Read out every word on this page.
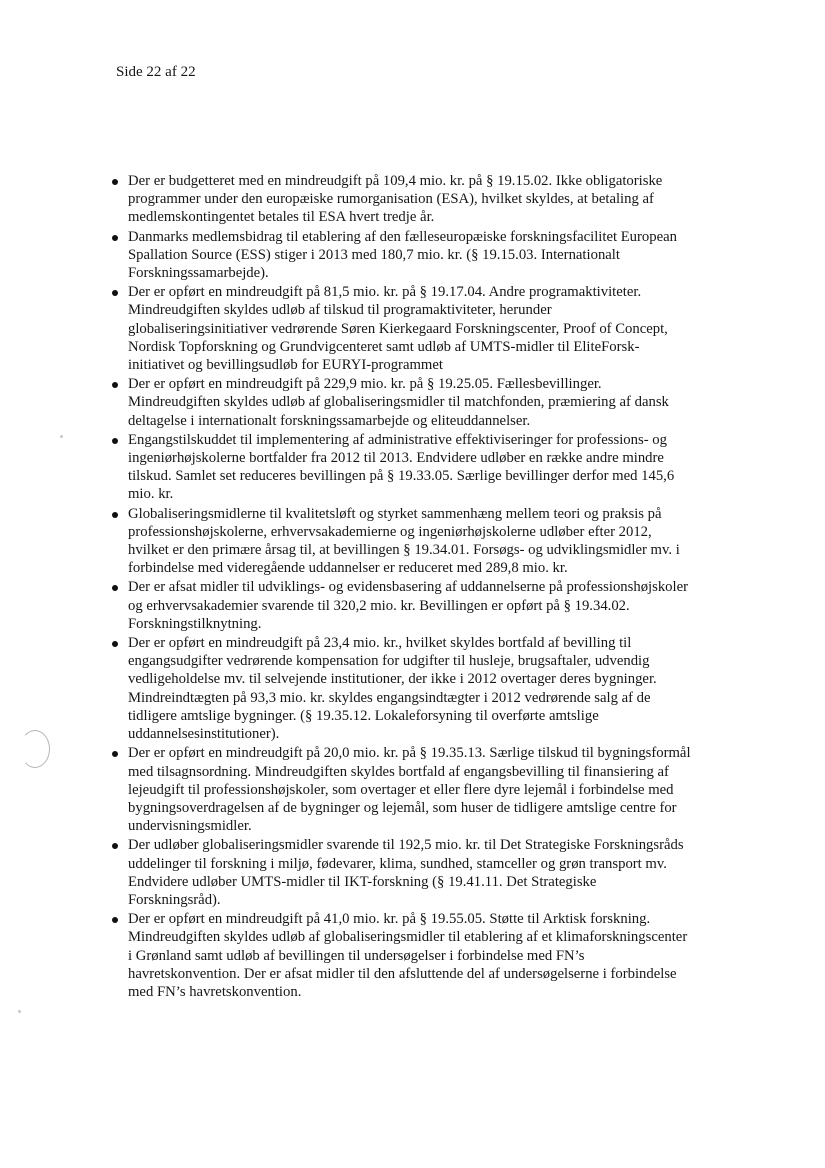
Side 22 af 22
Der er budgetteret med en mindreudgift på 109,4 mio. kr. på § 19.15.02. Ikke obligatoriske programmer under den europæiske rumorganisation (ESA), hvilket skyldes, at betaling af medlemskontingentet betales til ESA hvert tredje år.
Danmarks medlemsbidrag til etablering af den fælleseuropæiske forskningsfacilitet European Spallation Source (ESS) stiger i 2013 med 180,7 mio. kr. (§ 19.15.03. Internationalt Forskningssamarbejde).
Der er opført en mindreudgift på 81,5 mio. kr. på § 19.17.04. Andre programaktiviteter. Mindreudgiften skyldes udløb af tilskud til programaktiviteter, herunder globaliseringsinitiativer vedrørende Søren Kierkegaard Forskningscenter, Proof of Concept, Nordisk Topforskning og Grundvigcenteret samt udløb af UMTS-midler til EliteForsk-initiativet og bevillingsudløb for EURYI-programmet
Der er opført en mindreudgift på 229,9 mio. kr. på § 19.25.05. Fællesbevillinger. Mindreudgiften skyldes udløb af globaliseringsmidler til matchfonden, præmiering af dansk deltagelse i internationalt forskningssamarbejde og eliteuddannelser.
Engangstilskuddet til implementering af administrative effektiviseringer for professions- og ingeniørhøjskolerne bortfalder fra 2012 til 2013. Endvidere udløber en række andre mindre tilskud. Samlet set reduceres bevillingen på § 19.33.05. Særlige bevillinger derfor med 145,6 mio. kr.
Globaliseringsmidlerne til kvalitetsløft og styrket sammenhæng mellem teori og praksis på professionshøjskolerne, erhvervsakademierne og ingeniørhøjskolerne udløber efter 2012, hvilket er den primære årsag til, at bevillingen § 19.34.01. Forsøgs- og udviklingsmidler mv. i forbindelse med videregående uddannelser er reduceret med 289,8 mio. kr.
Der er afsat midler til udviklings- og evidensbasering af uddannelserne på professionshøjskoler og erhvervsakademier svarende til 320,2 mio. kr. Bevillingen er opført på § 19.34.02. Forskningstilknytning.
Der er opført en mindreudgift på 23,4 mio. kr., hvilket skyldes bortfald af bevilling til engangsudgifter vedrørende kompensation for udgifter til husleje, brugsaftaler, udvendig vedligeholdelse mv. til selvejende institutioner, der ikke i 2012 overtager deres bygninger. Mindreindtægten på 93,3 mio. kr. skyldes engangsindtægter i 2012 vedrørende salg af de tidligere amtslige bygninger. (§ 19.35.12. Lokaleforsyning til overførte amtslige uddannelsesinstitutioner).
Der er opført en mindreudgift på 20,0 mio. kr. på § 19.35.13. Særlige tilskud til bygningsformål med tilsagnsordning. Mindreudgiften skyldes bortfald af engangsbevilling til finansiering af lejeudgift til professionshøjskoler, som overtager et eller flere dyre lejemål i forbindelse med bygningsoverdragelsen af de bygninger og lejemål, som huser de tidligere amtslige centre for undervisningsmidler.
Der udløber globaliseringsmidler svarende til 192,5 mio. kr. til Det Strategiske Forskningsråds uddelinger til forskning i miljø, fødevarer, klima, sundhed, stamceller og grøn transport mv. Endvidere udløber UMTS-midler til IKT-forskning (§ 19.41.11. Det Strategiske Forskningsråd).
Der er opført en mindreudgift på 41,0 mio. kr. på § 19.55.05. Støtte til Arktisk forskning. Mindreudgiften skyldes udløb af globaliseringsmidler til etablering af et klimaforskningscenter i Grønland samt udløb af bevillingen til undersøgelser i forbindelse med FN’s havretskonvention. Der er afsat midler til den afsluttende del af undersøgelserne i forbindelse med FN’s havretskonvention.
